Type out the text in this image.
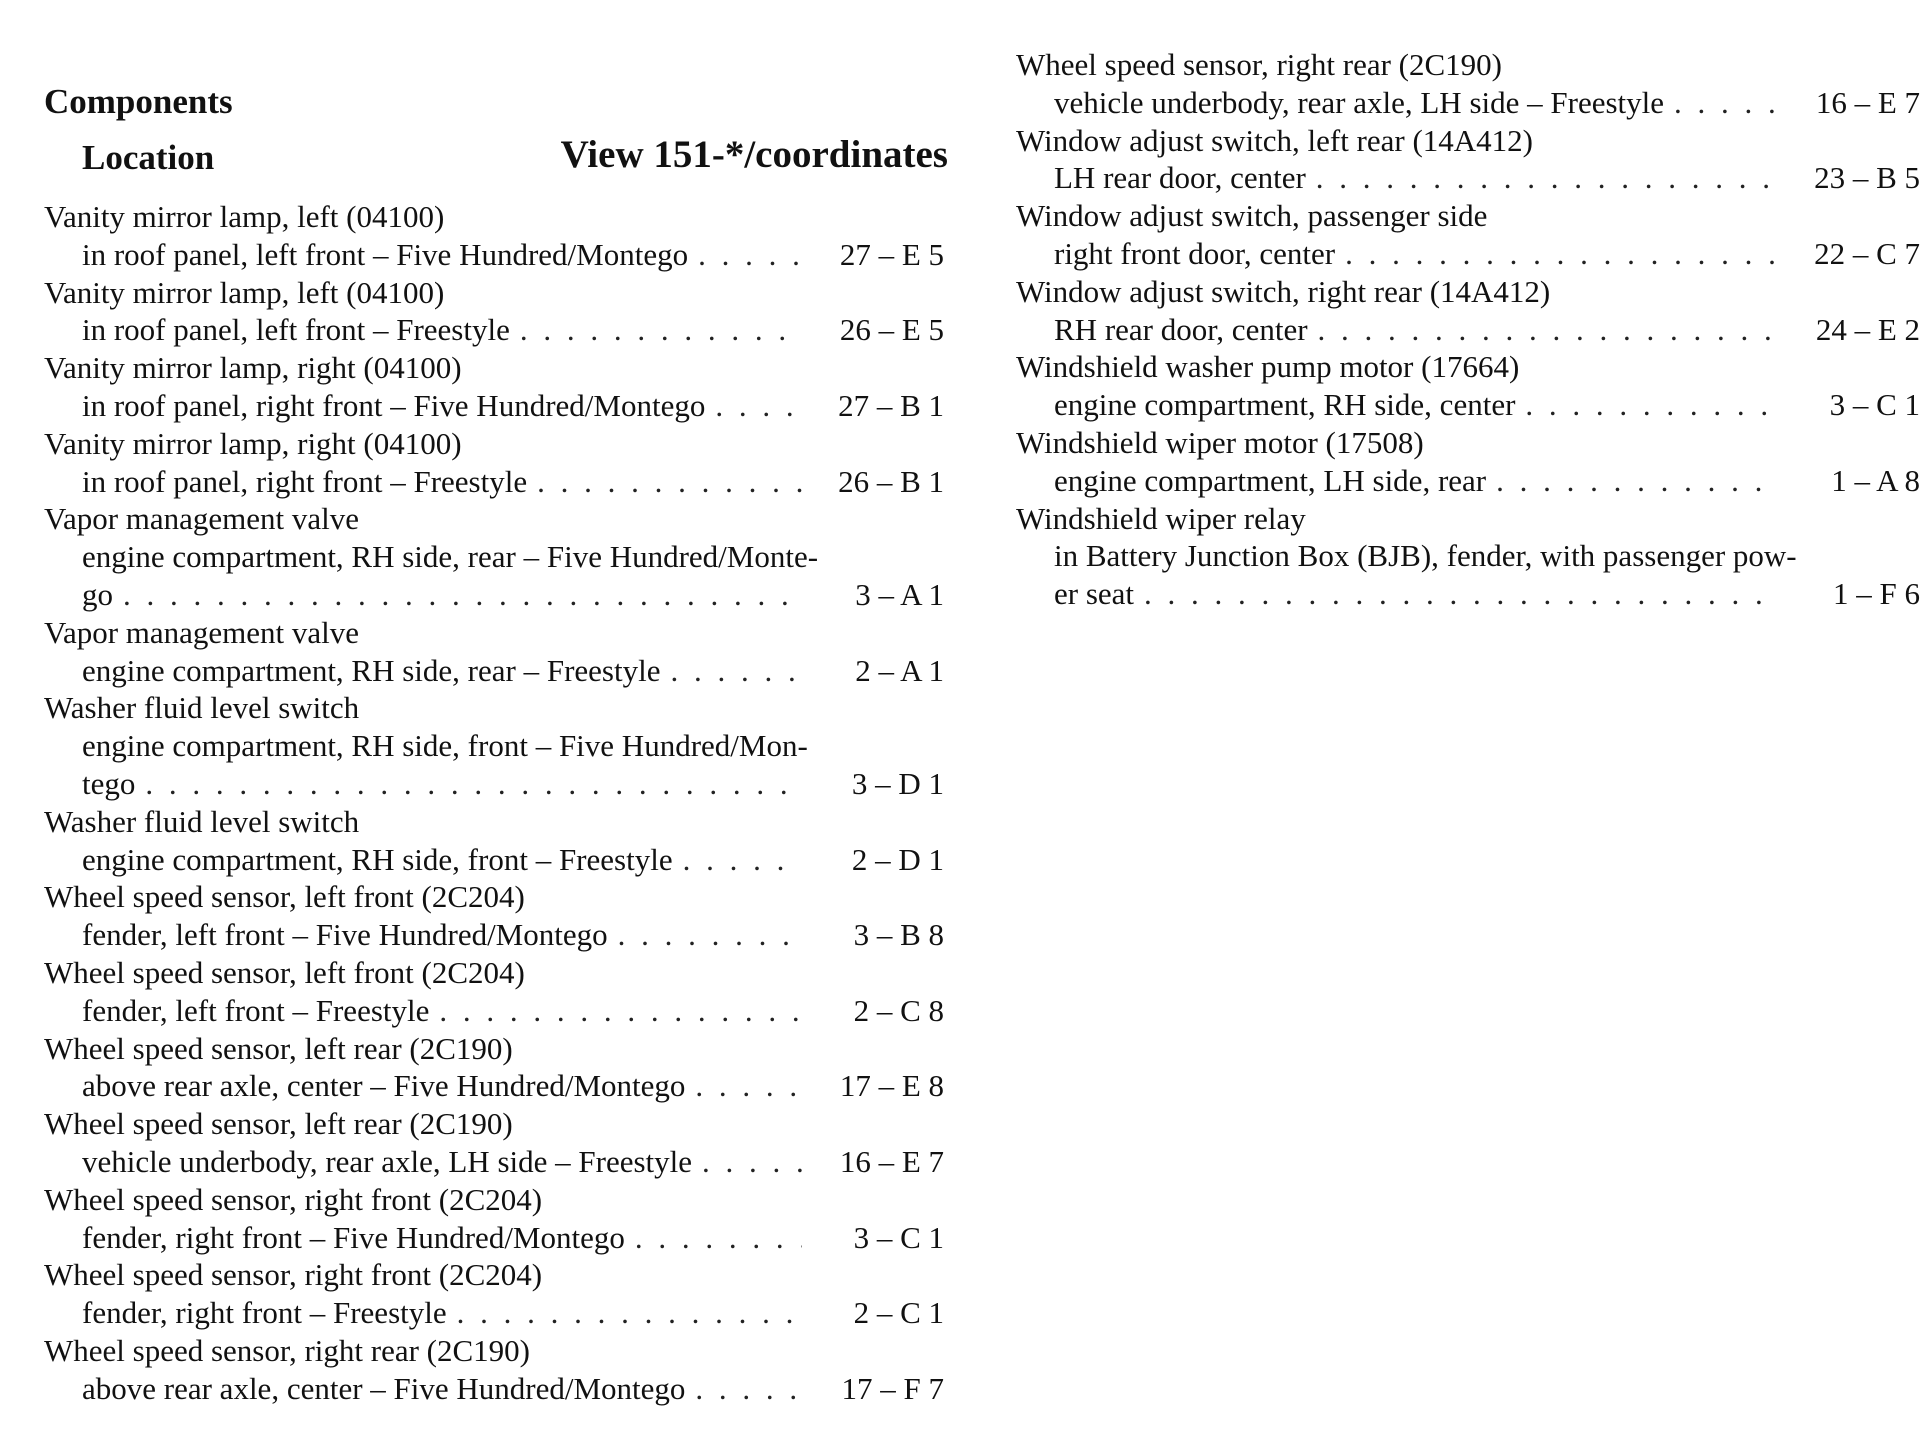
Components
Location	View 151-*/coordinates
Vanity mirror lamp, left (04100)
in roof panel, left front – Five Hundred/Montego . . .	27 – E 5
Vanity mirror lamp, left (04100)
in roof panel, left front – Freestyle . . .	26 – E 5
Vanity mirror lamp, right (04100)
in roof panel, right front – Five Hundred/Montego . . .	27 – B 1
Vanity mirror lamp, right (04100)
in roof panel, right front – Freestyle . . .	26 – B 1
Vapor management valve
engine compartment, RH side, rear – Five Hundred/Monte-
go . . .	3 – A 1
Vapor management valve
engine compartment, RH side, rear – Freestyle . . .	2 – A 1
Washer fluid level switch
engine compartment, RH side, front – Five Hundred/Mon-
tego . . .	3 – D 1
Washer fluid level switch
engine compartment, RH side, front – Freestyle . . .	2 – D 1
Wheel speed sensor, left front (2C204)
fender, left front – Five Hundred/Montego . . .	3 – B 8
Wheel speed sensor, left front (2C204)
fender, left front – Freestyle . . .	2 – C 8
Wheel speed sensor, left rear (2C190)
above rear axle, center – Five Hundred/Montego . . .	17 – E 8
Wheel speed sensor, left rear (2C190)
vehicle underbody, rear axle, LH side – Freestyle . . .	16 – E 7
Wheel speed sensor, right front (2C204)
fender, right front – Five Hundred/Montego . . .	3 – C 1
Wheel speed sensor, right front (2C204)
fender, right front – Freestyle . . .	2 – C 1
Wheel speed sensor, right rear (2C190)
above rear axle, center – Five Hundred/Montego . . .	17 – F 7
Wheel speed sensor, right rear (2C190)
vehicle underbody, rear axle, LH side – Freestyle . . .	16 – E 7
Window adjust switch, left rear (14A412)
LH rear door, center . . .	23 – B 5
Window adjust switch, passenger side
right front door, center . . .	22 – C 7
Window adjust switch, right rear (14A412)
RH rear door, center . . .	24 – E 2
Windshield washer pump motor (17664)
engine compartment, RH side, center . . .	3 – C 1
Windshield wiper motor (17508)
engine compartment, LH side, rear . . .	1 – A 8
Windshield wiper relay
in Battery Junction Box (BJB), fender, with passenger pow-
er seat . . .	1 – F 6
